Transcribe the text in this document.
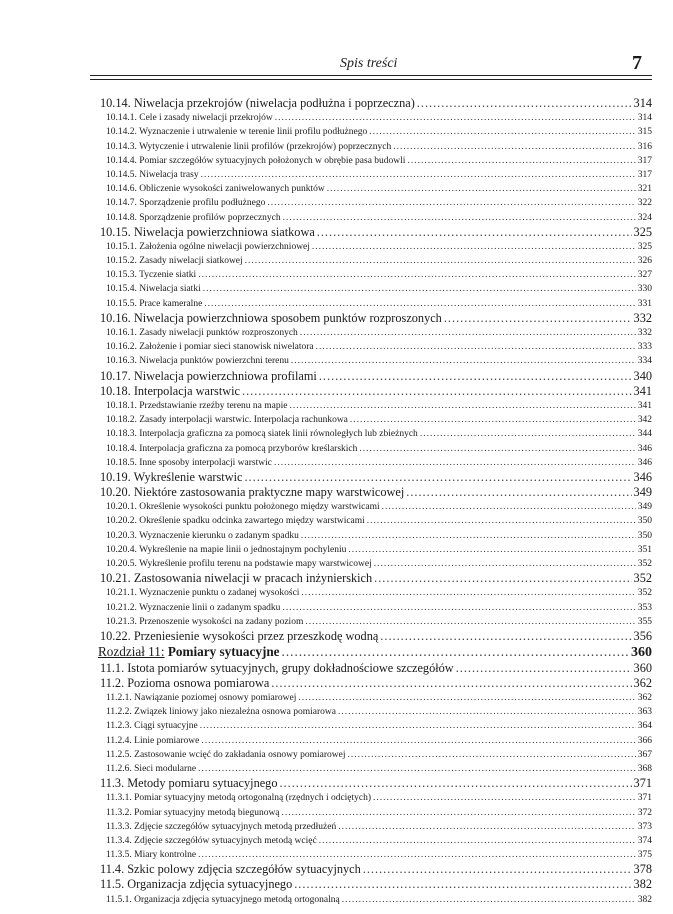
Spis treści	7
10.14. Niwelacja przekrojów (niwelacja podłużna i poprzeczna) .....	314
10.14.1. Cele i zasady niwelacji przekrojów .....	314
10.14.2. Wyznaczenie i utrwalenie w terenie linii profilu podłużnego .....	315
10.14.3. Wytyczenie i utrwalenie linii profilów (przekrojów) poprzecznych .....	316
10.14.4. Pomiar szczegółów sytuacyjnych położonych w obrębie pasa budowli .....	317
10.14.5. Niwelacja trasy .....	317
10.14.6. Obliczenie wysokości zaniwelowanych punktów .....	321
10.14.7. Sporządzenie profilu podłużnego .....	322
10.14.8. Sporządzenie profilów poprzecznych .....	324
10.15. Niwelacja powierzchniowa siatkowa .....	325
10.15.1. Założenia ogólne niwelacji powierzchniowej .....	325
10.15.2. Zasady niwelacji siatkowej .....	326
10.15.3. Tyczenie siatki .....	327
10.15.4. Niwelacja siatki .....	330
10.15.5. Prace kameralne .....	331
10.16. Niwelacja powierzchniowa sposobem punktów rozproszonych .....	332
10.16.1. Zasady niwelacji punktów rozproszonych .....	332
10.16.2. Założenie i pomiar sieci stanowisk niwelatora .....	333
10.16.3. Niwelacja punktów powierzchni terenu .....	334
10.17. Niwelacja powierzchniowa profilami .....	340
10.18. Interpolacja warstwic .....	341
10.18.1. Przedstawianie rzeźby terenu na mapie .....	341
10.18.2. Zasady interpolacji warstwic. Interpolacja rachunkowa .....	342
10.18.3. Interpolacja graficzna za pomocą siatek linii równoległych lub zbieżnych .....	344
10.18.4. Interpolacja graficzna za pomocą przyborów kreślarskich .....	346
10.18.5. Inne sposoby interpolacji warstwic .....	346
10.19. Wykreślenie warstwic .....	346
10.20. Niektóre zastosowania praktyczne mapy warstwicowej .....	349
10.20.1. Określenie wysokości punktu położonego między warstwicami .....	349
10.20.2. Określenie spadku odcinka zawartego między warstwicami .....	350
10.20.3. Wyznaczenie kierunku o zadanym spadku .....	350
10.20.4. Wykreślenie na mapie linii o jednostajnym pochyleniu .....	351
10.20.5. Wykreślenie profilu terenu na podstawie mapy warstwicowej .....	352
10.21. Zastosowania niwelacji w pracach inżynierskich .....	352
10.21.1. Wyznaczenie punktu o zadanej wysokości .....	352
10.21.2. Wyznaczenie linii o zadanym spadku .....	353
10.21.3. Przenoszenie wysokości na zadany poziom .....	355
10.22. Przeniesienie wysokości przez przeszkodę wodną .....	356
Rozdział 11: Pomiary sytuacyjne .....	360
11.1. Istota pomiarów sytuacyjnych, grupy dokładnościowe szczegółów .....	360
11.2. Pozioma osnowa pomiarowa .....	362
11.2.1. Nawiązanie poziomej osnowy pomiarowej .....	362
11.2.2. Związek liniowy jako niezależna osnowa pomiarowa .....	363
11.2.3. Ciągi sytuacyjne .....	364
11.2.4. Linie pomiarowe .....	366
11.2.5. Zastosowanie wcięć do zakładania osnowy pomiarowej .....	367
11.2.6. Sieci modularne .....	368
11.3. Metody pomiaru sytuacyjnego .....	371
11.3.1. Pomiar sytuacyjny metodą ortogonalną (rzędnych i odciętych) .....	371
11.3.2. Pomiar sytuacyjny metodą biegunową .....	372
11.3.3. Zdjęcie szczegółów sytuacyjnych metodą przedłużeń .....	373
11.3.4. Zdjęcie szczegółów sytuacyjnych metodą wcięć .....	374
11.3.5. Miary kontrolne .....	375
11.4. Szkic polowy zdjęcia szczegółów sytuacyjnych .....	378
11.5. Organizacja zdjęcia sytuacyjnego .....	382
11.5.1. Organizacja zdjęcia sytuacyjnego metodą ortogonalną .....	382
